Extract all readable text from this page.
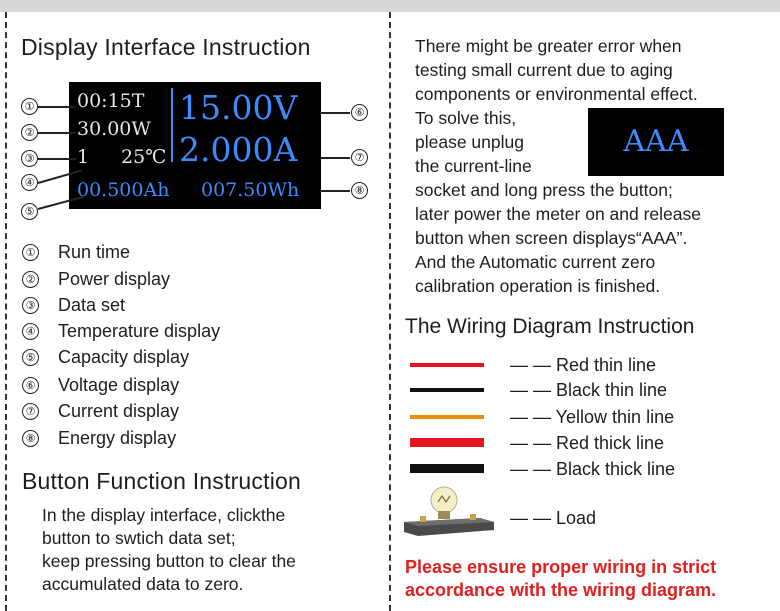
Display Interface Instruction
00:15T
30.00W
1 25℃
15.00V
2.000A
00.500Ah 007.50Wh
①
②
③
④
⑤
⑥
⑦
⑧
① Run time
② Power display
③ Data set
④ Temperature display
⑤ Capacity display
⑥ Voltage display
⑦ Current display
⑧ Energy display
Button Function Instruction
In the display interface, clickthe
button to swtich data set;
keep pressing button to clear the
accumulated data to zero.
There might be greater error when
testing small current due to aging
components or environmental effect.
To solve this,
please unplug
the current-line
socket and long press the button;
later power the meter on and release
button when screen displays“AAA”.
And the Automatic current zero
calibration operation is finished.
AAA
The Wiring Diagram Instruction
— — Red thin line
— — Black thin line
— — Yellow thin line
— — Red thick line
— — Black thick line
— — Load
Please ensure proper wiring in strict
accordance with the wiring diagram.
